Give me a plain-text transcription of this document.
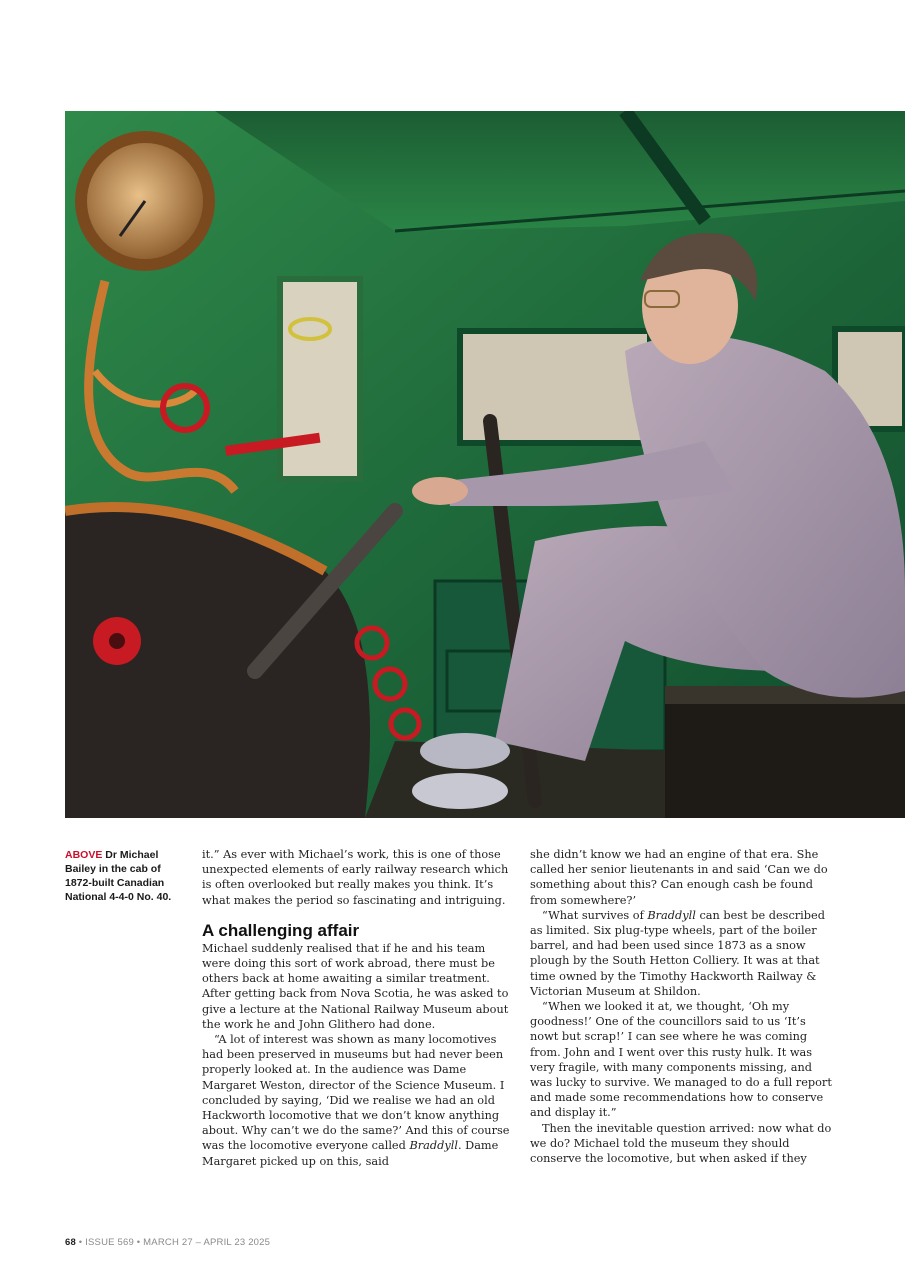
ABOVE Dr Michael Bailey in the cab of 1872-built Canadian National 4-4-0 No. 40.

it.” As ever with Michael’s work, this is one of those unexpected elements of early railway research which is often overlooked but really makes you think. It’s what makes the period so fascinating and intriguing.

A challenging affair

Michael suddenly realised that if he and his team were doing this sort of work abroad, there must be others back at home awaiting a similar treatment. After getting back from Nova Scotia, he was asked to give a lecture at the National Railway Museum about the work he and John Glithero had done.

“A lot of interest was shown as many locomotives had been preserved in museums but had never been properly looked at. In the audience was Dame Margaret Weston, director of the Science Museum. I concluded by saying, ‘Did we realise we had an old Hackworth locomotive that we don’t know anything about. Why can’t we do the same?’ And this of course was the locomotive everyone called Braddyll. Dame Margaret picked up on this, said

she didn’t know we had an engine of that era. She called her senior lieutenants in and said ‘Can we do something about this? Can enough cash be found from somewhere?’

“What survives of Braddyll can best be described as limited. Six plug-type wheels, part of the boiler barrel, and had been used since 1873 as a snow plough by the South Hetton Colliery. It was at that time owned by the Timothy Hackworth Railway & Victorian Museum at Shildon.

“When we looked it at, we thought, ‘Oh my goodness!’ One of the councillors said to us ‘It’s nowt but scrap!’ I can see where he was coming from. John and I went over this rusty hulk. It was very fragile, with many components missing, and was lucky to survive. We managed to do a full report and made some recommendations how to conserve and display it.”

Then the inevitable question arrived: now what do we do? Michael told the museum they should conserve the locomotive, but when asked if they

68 • ISSUE 569 • MARCH 27 – APRIL 23 2025
